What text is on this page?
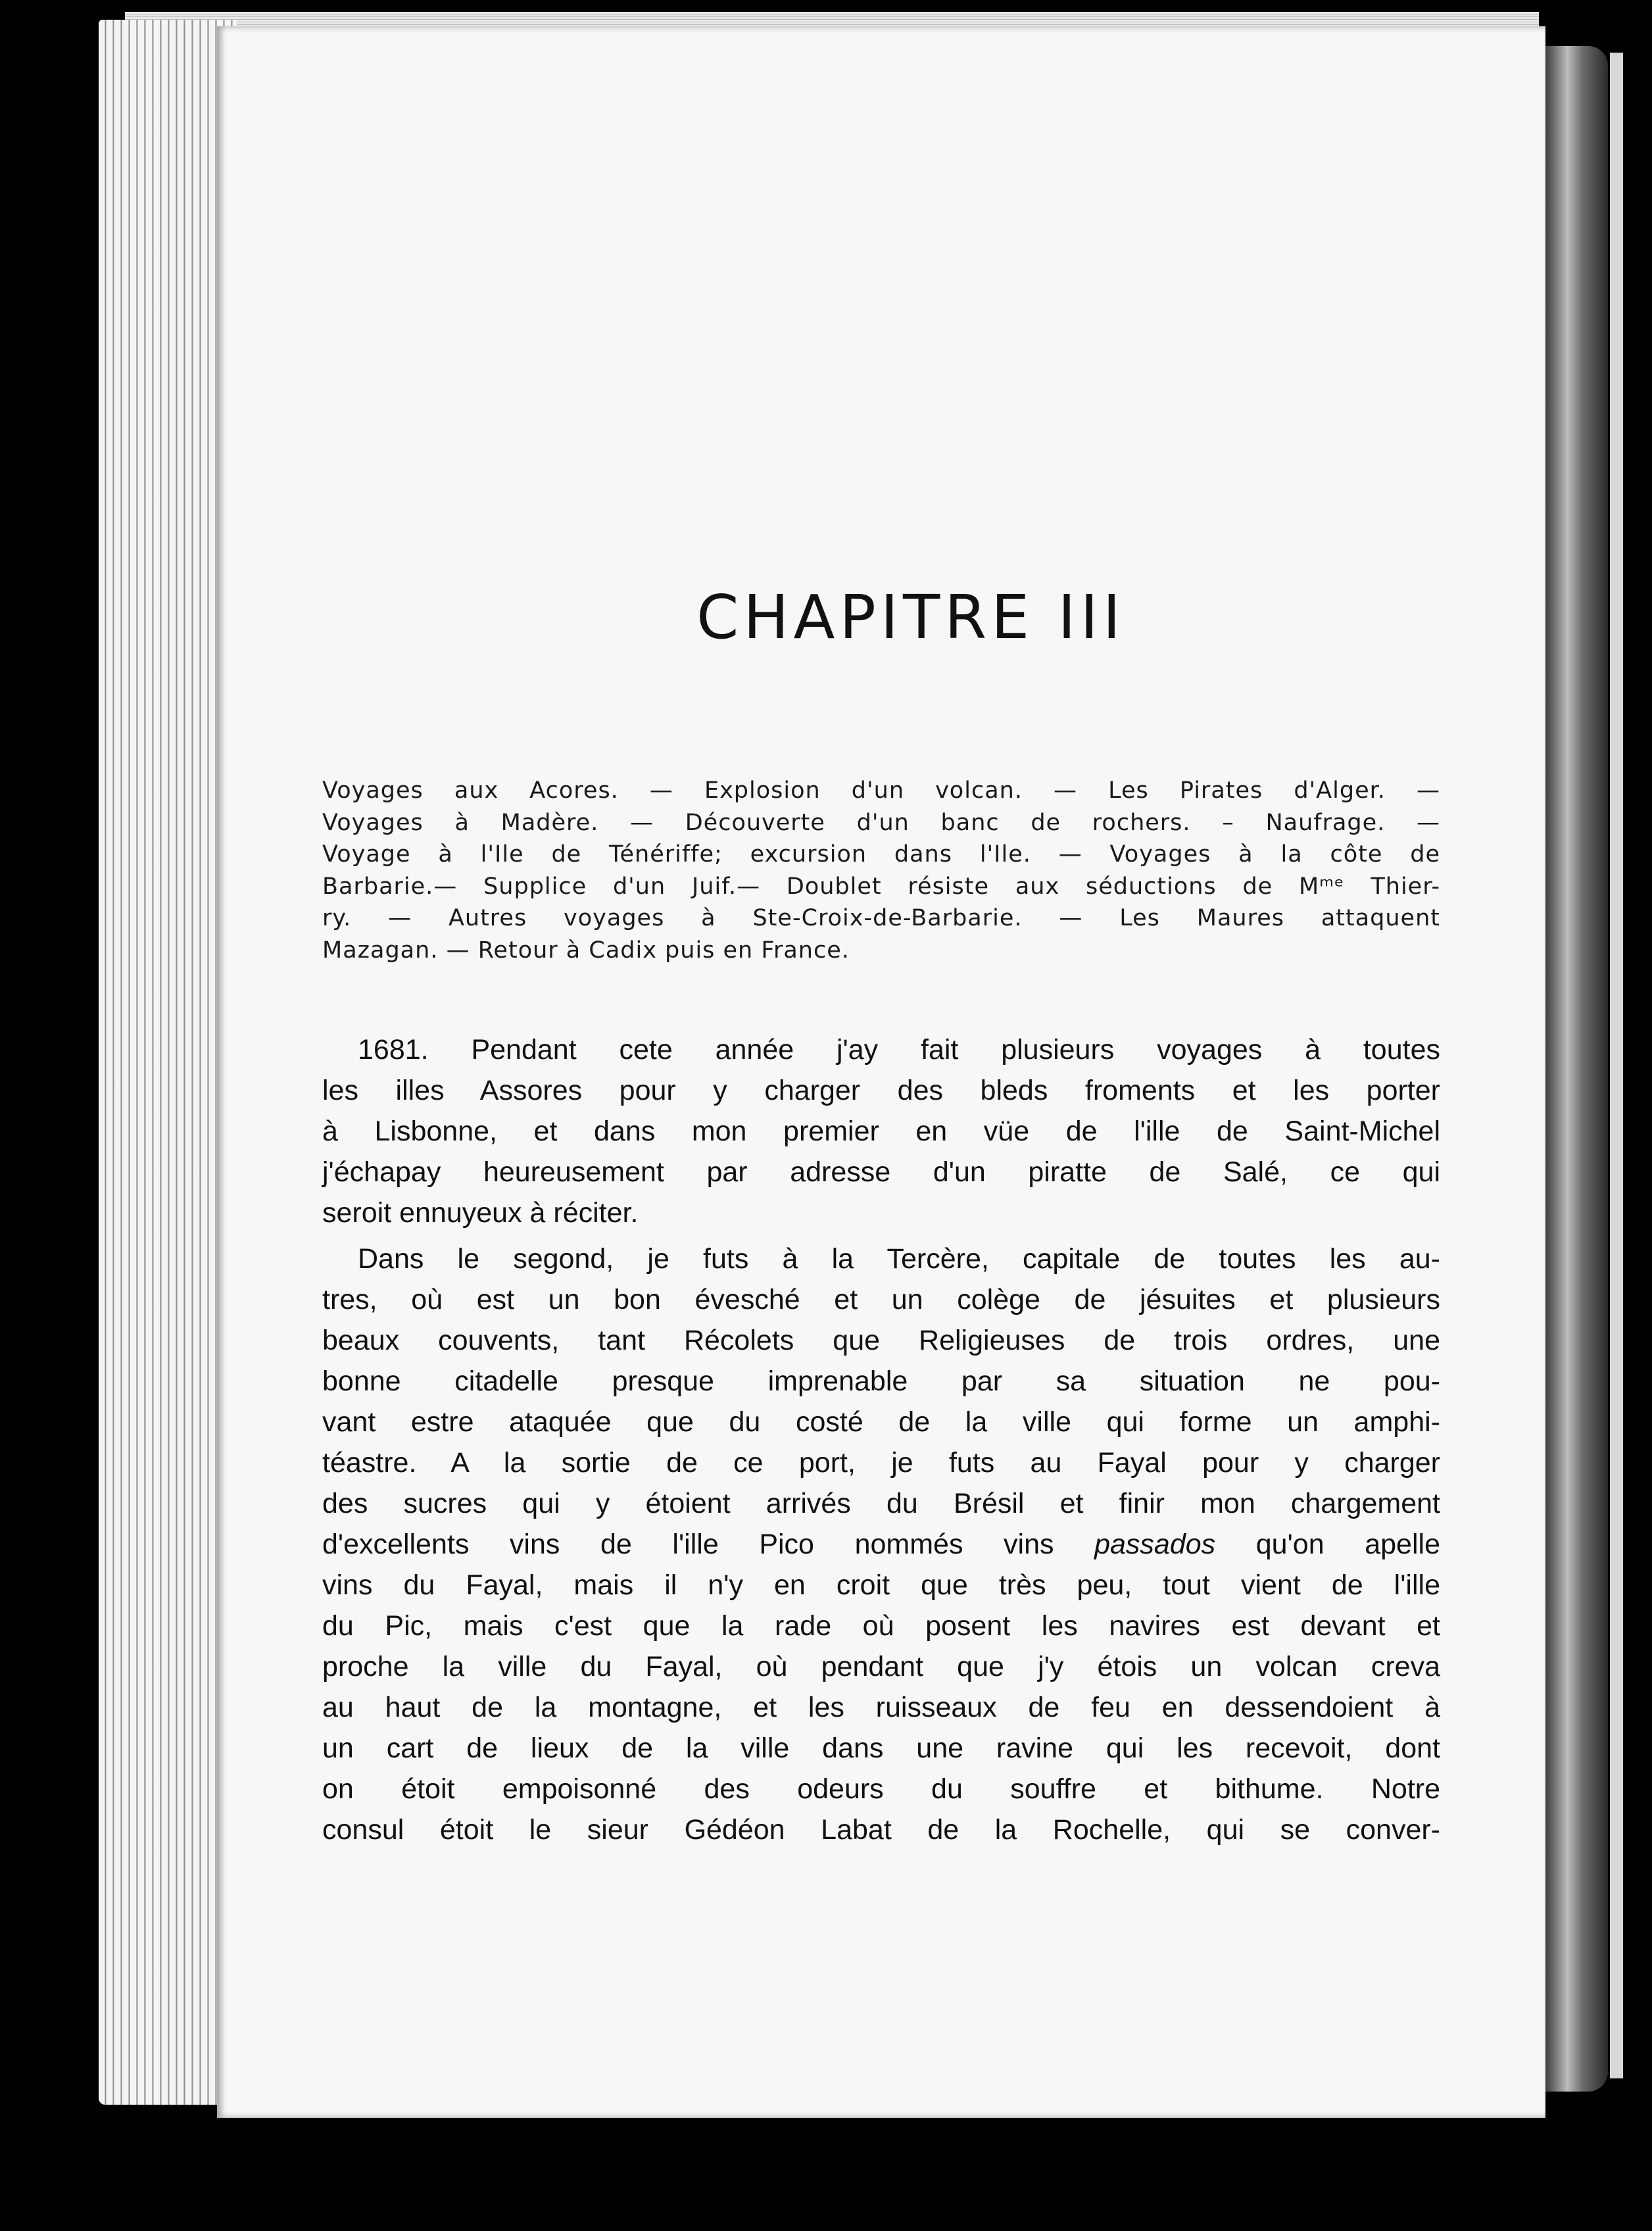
CHAPITRE III
Voyages aux Acores. — Explosion d'un volcan. — Les Pirates d'Alger. —
Voyages à Madère. — Découverte d'un banc de rochers. – Naufrage. —
Voyage à l'Ile de Ténériffe; excursion dans l'Ile. — Voyages à la côte de
Barbarie.— Supplice d'un Juif.— Doublet résiste aux séductions de Mᵐᵉ Thier-
ry. — Autres voyages à Ste-Croix-de-Barbarie. — Les Maures attaquent
Mazagan. — Retour à Cadix puis en France.
1681. Pendant cete année j'ay fait plusieurs voyages à toutes
les illes Assores pour y charger des bleds froments et les porter
à Lisbonne, et dans mon premier en vüe de l'ille de Saint-Michel
j'échapay heureusement par adresse d'un piratte de Salé, ce qui
seroit ennuyeux à réciter.
Dans le segond, je futs à la Tercère, capitale de toutes les au-
tres, où est un bon évesché et un colège de jésuites et plusieurs
beaux couvents, tant Récolets que Religieuses de trois ordres, une
bonne citadelle presque imprenable par sa situation ne pou-
vant estre ataquée que du costé de la ville qui forme un amphi-
téastre. A la sortie de ce port, je futs au Fayal pour y charger
des sucres qui y étoient arrivés du Brésil et finir mon chargement
d'excellents vins de l'ille Pico nommés vins passados qu'on apelle
vins du Fayal, mais il n'y en croit que très peu, tout vient de l'ille
du Pic, mais c'est que la rade où posent les navires est devant et
proche la ville du Fayal, où pendant que j'y étois un volcan creva
au haut de la montagne, et les ruisseaux de feu en dessendoient à
un cart de lieux de la ville dans une ravine qui les recevoit, dont
on étoit empoisonné des odeurs du souffre et bithume. Notre
consul étoit le sieur Gédéon Labat de la Rochelle, qui se conver-
